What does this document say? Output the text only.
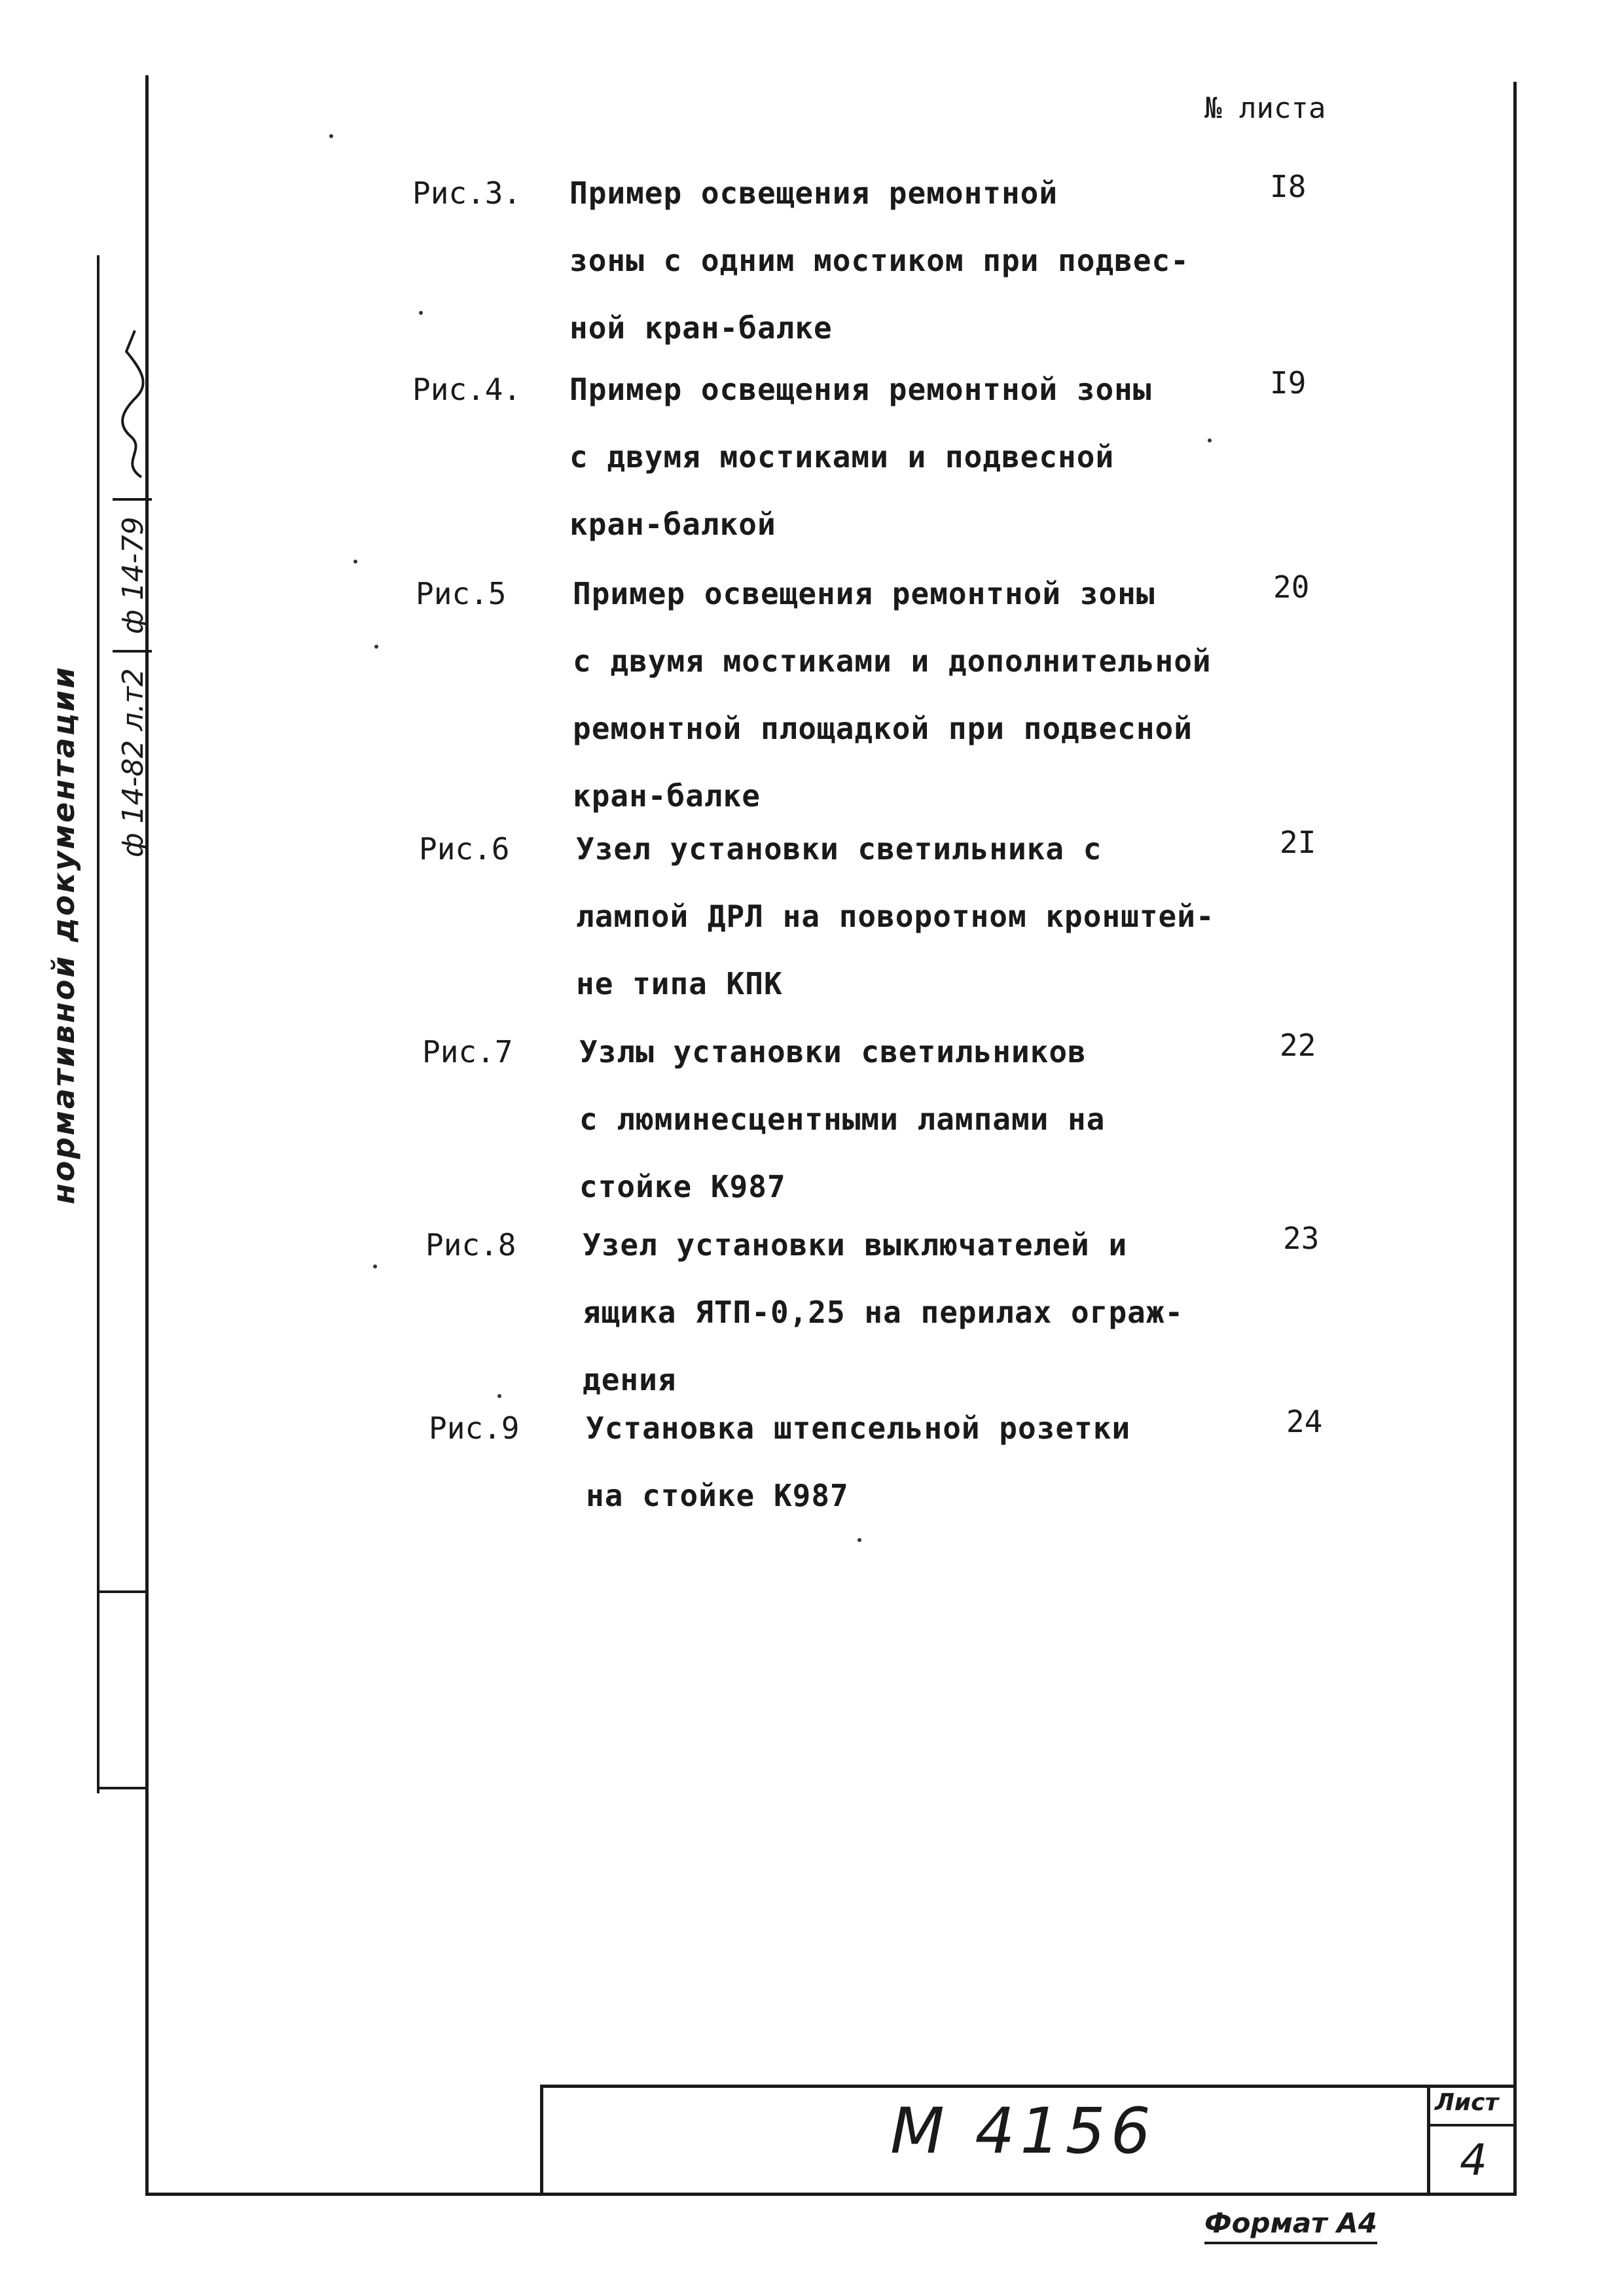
нормативной документации ф 14-82 л.т2
ф 14-79
№ листа
Рис.3. Пример освещения ремонтной
зоны с одним мостиком при подвес-
ной кран-балке
I8
Рис.4. Пример освещения ремонтной зоны
с двумя мостиками и подвесной
кран-балкой
I9
Рис.5 Пример освещения ремонтной зоны
с двумя мостиками и дополнительной
ремонтной площадкой при подвесной
кран-балке
20
Рис.6 Узел установки светильника с
лампой ДРЛ на поворотном кронштей-
не типа КПК
2I
Рис.7 Узлы установки светильников
с люминесцентными лампами на
стойке К987
22
Рис.8 Узел установки выключателей и
ящика ЯТП-0,25 на перилах ограж-
дения
23
Рис.9 Установка штепсельной розетки
на стойке К987
24
М 4156	Лист
4
Формат А4
